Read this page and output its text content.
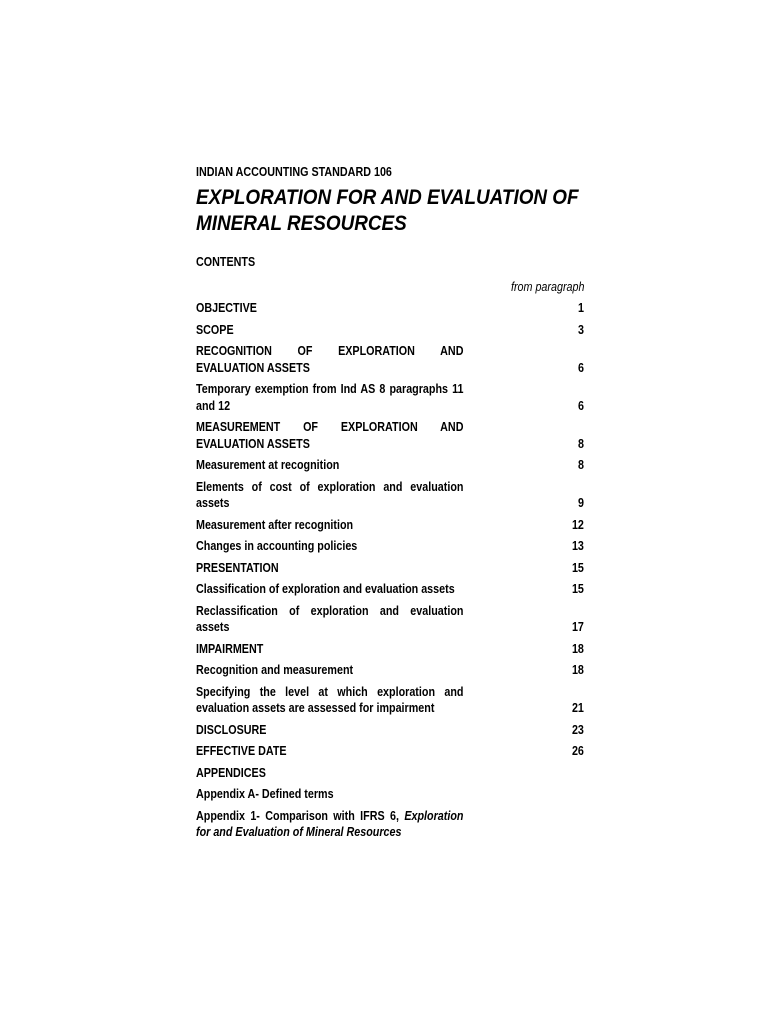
INDIAN ACCOUNTING STANDARD 106
EXPLORATION FOR AND EVALUATION OF
MINERAL RESOURCES
CONTENTS
from paragraph
OBJECTIVE	1
SCOPE	3
RECOGNITION OF EXPLORATION AND EVALUATION ASSETS	6
Temporary exemption from Ind AS 8 paragraphs 11 and 12	6
MEASUREMENT OF EXPLORATION AND EVALUATION ASSETS	8
Measurement at recognition	8
Elements of cost of exploration and evaluation assets	9
Measurement after recognition	12
Changes in accounting policies	13
PRESENTATION	15
Classification of exploration and evaluation assets	15
Reclassification of exploration and evaluation assets	17
IMPAIRMENT	18
Recognition and measurement	18
Specifying the level at which exploration and evaluation assets are assessed for impairment	21
DISCLOSURE	23
EFFECTIVE DATE	26
APPENDICES
Appendix A- Defined terms
Appendix 1- Comparison with IFRS 6, Exploration for and Evaluation of Mineral Resources
